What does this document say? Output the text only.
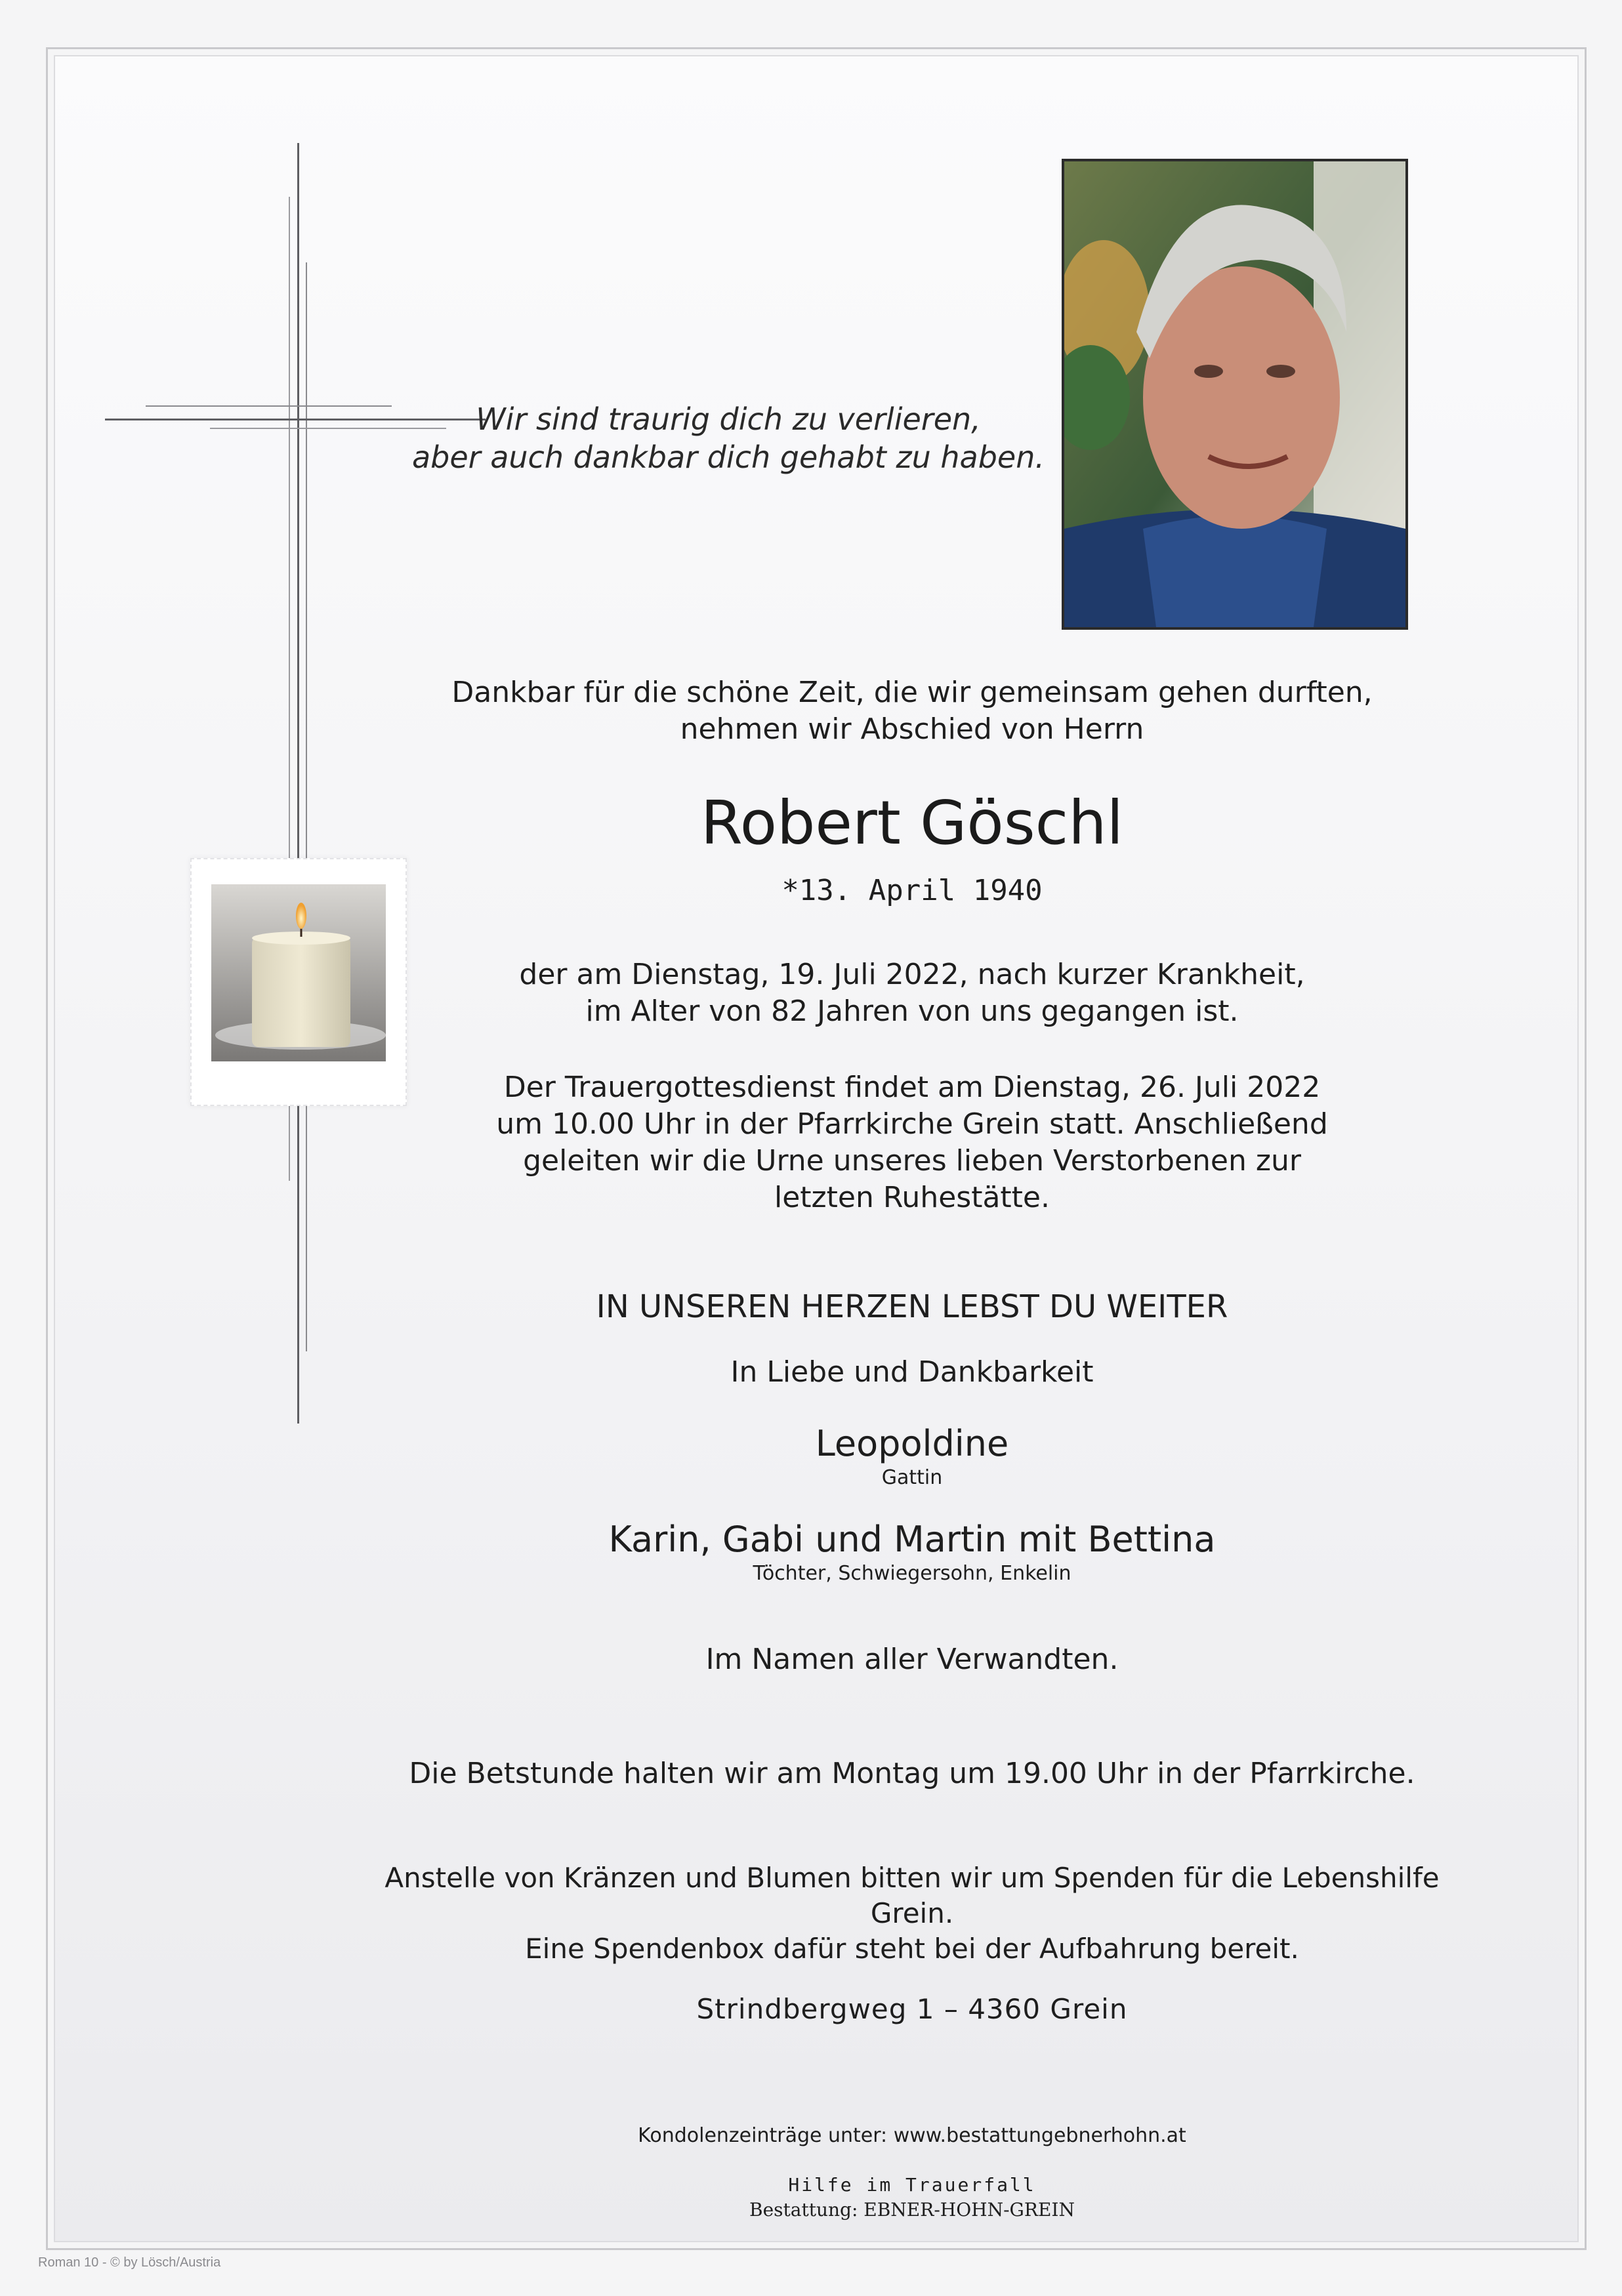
Wir sind traurig dich zu verlieren,
aber auch dankbar dich gehabt zu haben.
Dankbar für die schöne Zeit, die wir gemeinsam gehen durften,
nehmen wir Abschied von Herrn
Robert Göschl
*13. April 1940
der am Dienstag, 19. Juli 2022, nach kurzer Krankheit,
im Alter von 82 Jahren von uns gegangen ist.
Der Trauergottesdienst findet am Dienstag, 26. Juli 2022
um 10.00 Uhr in der Pfarrkirche Grein statt. Anschließend
geleiten wir die Urne unseres lieben Verstorbenen zur
letzten Ruhestätte.
IN UNSEREN HERZEN LEBST DU WEITER
In Liebe und Dankbarkeit
Leopoldine
Gattin
Karin, Gabi und Martin mit Bettina
Töchter, Schwiegersohn, Enkelin
Im Namen aller Verwandten.
Die Betstunde halten wir am Montag um 19.00 Uhr in der Pfarrkirche.
Anstelle von Kränzen und Blumen bitten wir um Spenden für die Lebenshilfe Grein.
Eine Spendenbox dafür steht bei der Aufbahrung bereit.
Strindbergweg 1 – 4360 Grein
Kondolenzeinträge unter: www.bestattungebnerhohn.at
Hilfe im Trauerfall
Bestattung: EBNER-HOHN-GREIN
Roman 10 - © by Lösch/Austria
